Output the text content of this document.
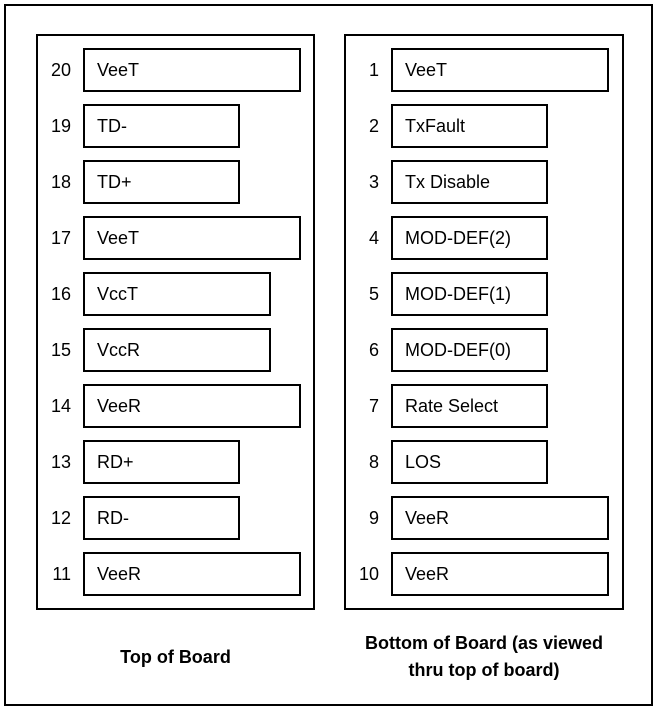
20	VeeT
19	TD-
18	TD+
17	VeeT
16	VccT
15	VccR
14	VeeR
13	RD+
12	RD-
11	VeeR
1	VeeT
2	TxFault
3	Tx Disable
4	MOD-DEF(2)
5	MOD-DEF(1)
6	MOD-DEF(0)
7	Rate Select
8	LOS
9	VeeR
10	VeeR
Top of Board
Bottom of Board (as viewed
thru top of board)
